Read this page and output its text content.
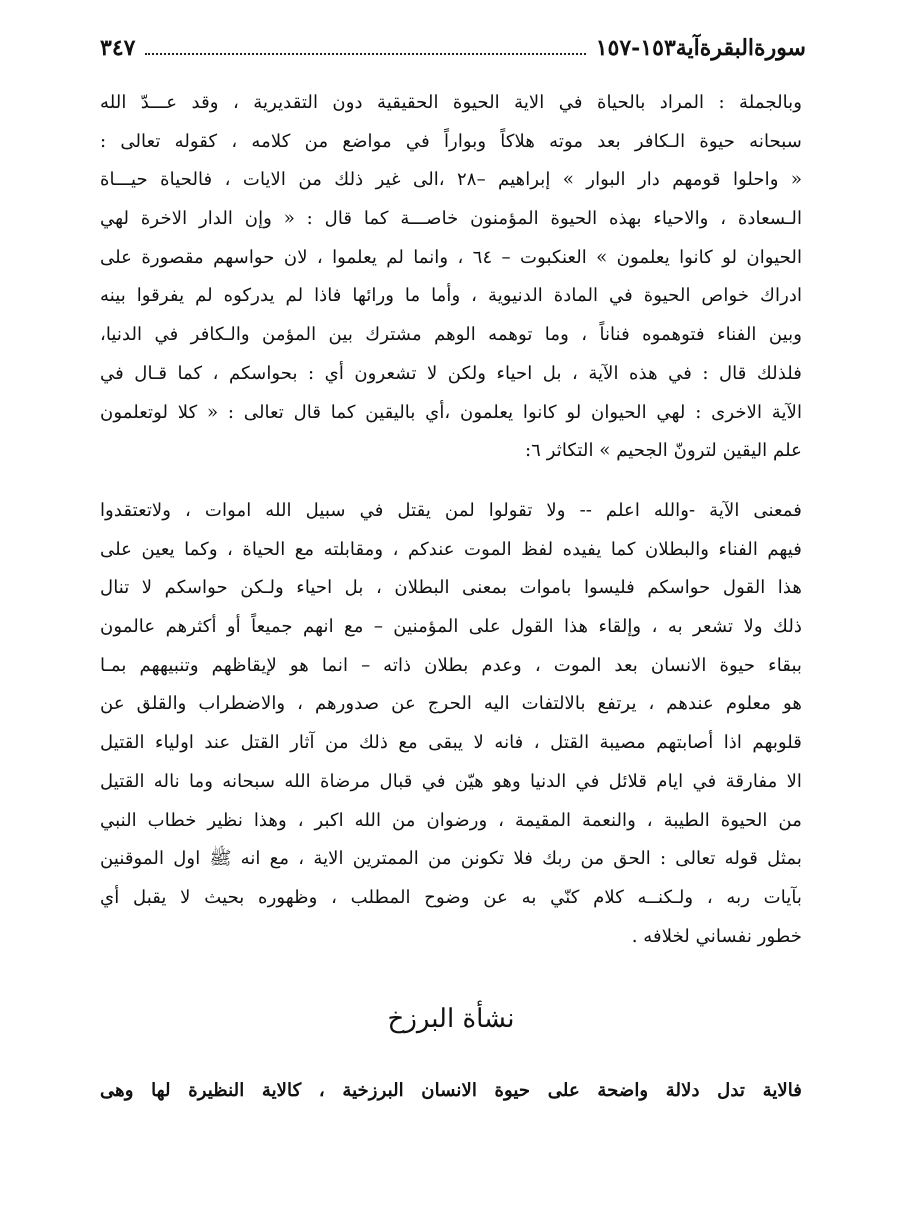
سورةالبقرةآية١٥٣-١٥٧
٣٤٧
وبالجملة : المراد بالحياة في الاية الحيوة الحقيقية دون التقديرية ، وقد عـــدّ الله
سبحانه حيوة الـكافر بعد موته هلاكاً وبواراً في مواضع من كلامه ، كقوله تعالى :
« واحلوا قومهم دار البوار » إبراهيم –٢٨ ،الى غير ذلك من الايات ، فالحياة حيـــاة
الـسعادة ، والاحياء بهذه الحيوة المؤمنون خاصـــة كما قال : « وإن الدار الاخرة لهي
الحيوان لو كانوا يعلمون » العنكبوت – ٦٤ ، وانما لم يعلموا ، لان حواسهم مقصورة على
ادراك خواص الحيوة في المادة الدنيوية ، وأما ما ورائها فاذا لم يدركوه لم يفرقوا بينه
وبين الفناء فتوهموه فناناً ، وما توهمه الوهم مشترك بين المؤمن والـكافر في الدنيا،
فلذلك قال : في هذه الآية ، بل احياء ولكن لا تشعرون أي : بحواسكم ، كما قـال في
الآية الاخرى : لهي الحيوان لو كانوا يعلمون ،أي باليقين كما قال تعالى : « كلا لوتعلمون
علم اليقين لترونّ الجحيم » التكاثر ٦:
فمعنى الآية -والله اعلم -- ولا تقولوا لمن يقتل في سبيل الله اموات ، ولاتعتقدوا
فيهم الفناء والبطلان كما يفيده لفظ الموت عندكم ، ومقابلته مع الحياة ، وكما يعين على
هذا القول حواسكم فليسوا باموات بمعنى البطلان ، بل احياء ولـكن حواسكم لا تنال
ذلك ولا تشعر به ، وإلقاء هذا القول على المؤمنين – مع انهم جميعاً أو أكثرهم عالمون
ببقاء حيوة الانسان بعد الموت ، وعدم بطلان ذاته – انما هو لإيقاظهم وتنبيههم بمـا
هو معلوم عندهم ، يرتفع بالالتفات اليه الحرج عن صدورهم ، والاضطراب والقلق عن
قلوبهم اذا أصابتهم مصيبة القتل ، فانه لا يبقى مع ذلك من آثار القتل عند اولياء القتيل
الا مفارقة في ايام قلائل في الدنيا وهو هيّن في قبال مرضاة الله سبحانه وما ناله القتيل
من الحيوة الطيبة ، والنعمة المقيمة ، ورضوان من الله اكبر ، وهذا نظير خطاب النبي
بمثل قوله تعالى : الحق من ربك فلا تكونن من الممترين الاية ، مع انه ﷺ اول الموقنين
بآيات ربه ، ولـكنــه كلام كنّي به عن وضوح المطلب ، وظهوره بحيث لا يقبل أي
خطور نفساني لخلافه .
نشأة البرزخ
فالاية تدل دلالة واضحة على حيوة الانسان البرزخية ، كالاية النظيرة لها وهى
